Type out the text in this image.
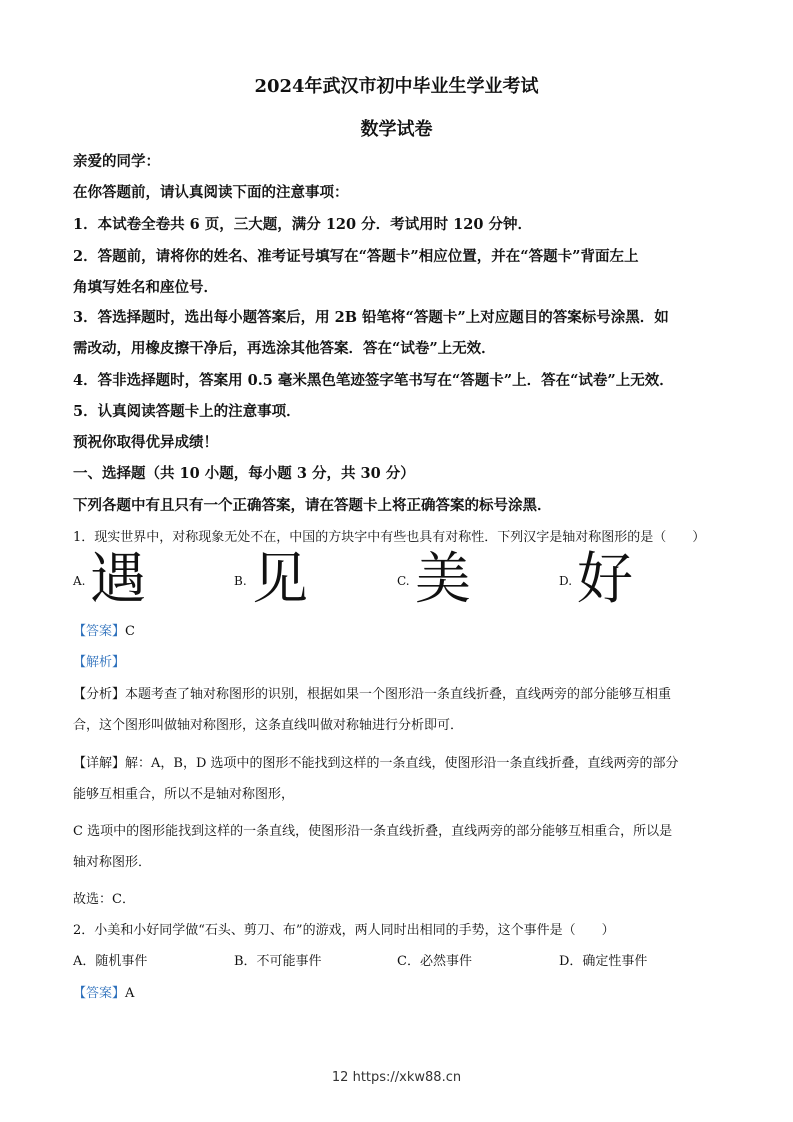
2024年武汉市初中毕业生学业考试
数学试卷
亲爱的同学：
在你答题前，请认真阅读下面的注意事项：
1．本试卷全卷共 6 页，三大题，满分 120 分．考试用时 120 分钟．
2．答题前，请将你的姓名、准考证号填写在“答题卡”相应位置，并在“答题卡”背面左上
角填写姓名和座位号．
3．答选择题时，选出每小题答案后，用 2B 铅笔将“答题卡”上对应题目的答案标号涂黑．如
需改动，用橡皮擦干净后，再选涂其他答案．答在“试卷”上无效．
4．答非选择题时，答案用 0.5 毫米黑色笔迹签字笔书写在“答题卡”上．答在“试卷”上无效．
5．认真阅读答题卡上的注意事项．
预祝你取得优异成绩！
一、选择题（共 10 小题，每小题 3 分，共 30 分）
下列各题中有且只有一个正确答案，请在答题卡上将正确答案的标号涂黑．
1．现实世界中，对称现象无处不在，中国的方块字中有些也具有对称性．下列汉字是轴对称图形的是（　　）
A. 遇	B. 见	C. 美	D. 好
【答案】C
【解析】
【分析】本题考查了轴对称图形的识别，根据如果一个图形沿一条直线折叠，直线两旁的部分能够互相重
合，这个图形叫做轴对称图形，这条直线叫做对称轴进行分析即可．
【详解】解：A，B，D 选项中的图形不能找到这样的一条直线，使图形沿一条直线折叠，直线两旁的部分
能够互相重合，所以不是轴对称图形，
C 选项中的图形能找到这样的一条直线，使图形沿一条直线折叠，直线两旁的部分能够互相重合，所以是
轴对称图形．
故选：C．
2．小美和小好同学做“石头、剪刀、布”的游戏，两人同时出相同的手势，这个事件是（　　）
A．随机事件	B．不可能事件	C．必然事件	D．确定性事件
【答案】A
12 https://xkw88.cn
